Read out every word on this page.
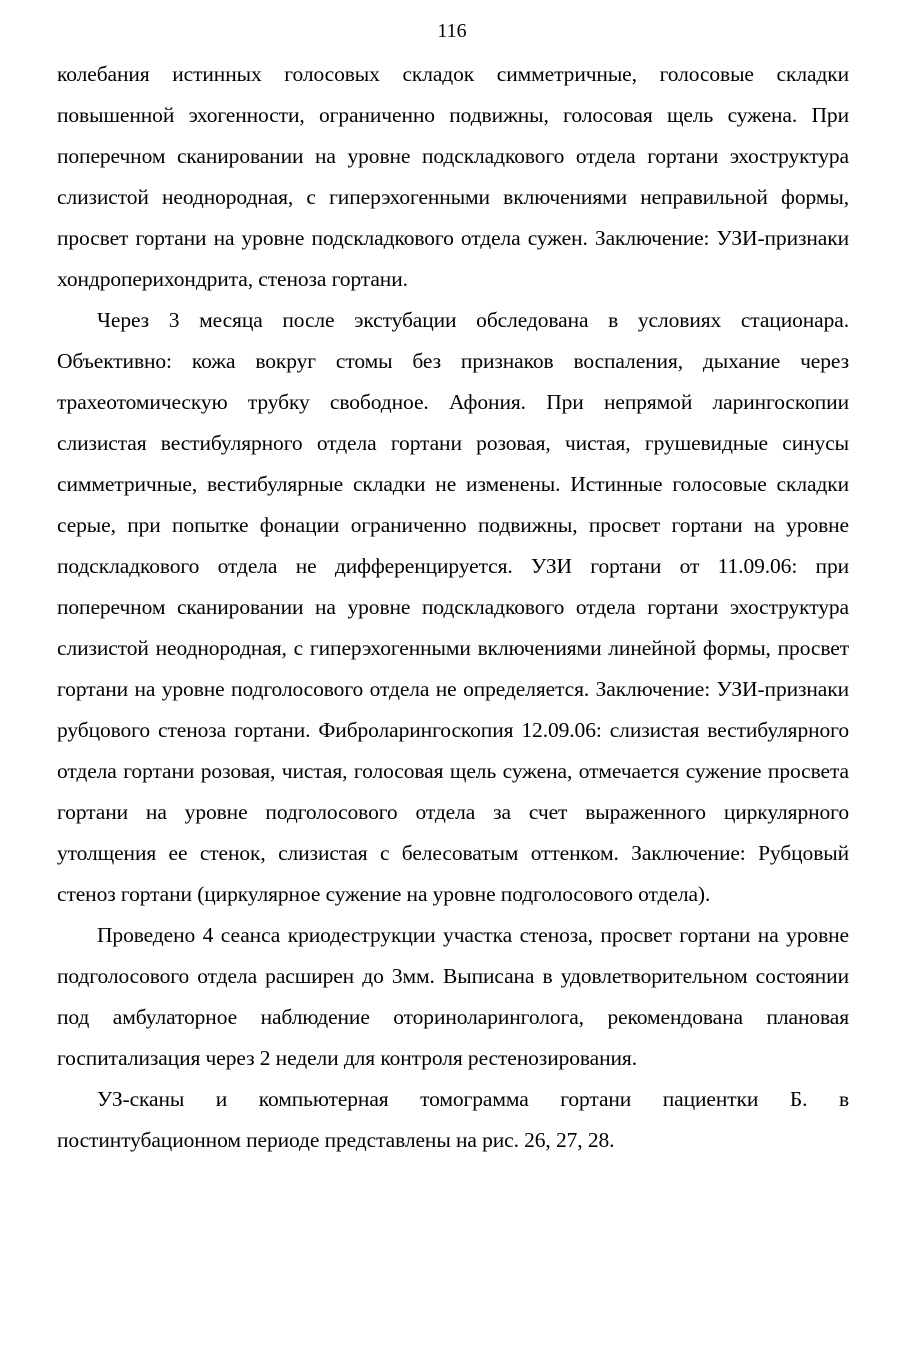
116

колебания истинных голосовых складок симметричные, голосовые складки повышенной эхогенности, ограниченно подвижны, голосовая щель сужена. При поперечном сканировании на уровне подскладкового отдела гортани эхоструктура слизистой неоднородная, с гиперэхогенными включениями неправильной формы, просвет гортани на уровне подскладкового отдела сужен. Заключение: УЗИ-признаки хондроперихондрита, стеноза гортани.

Через 3 месяца после экстубации обследована в условиях стационара. Объективно: кожа вокруг стомы без признаков воспаления, дыхание через трахеотомическую трубку свободное. Афония. При непрямой ларингоскопии слизистая вестибулярного отдела гортани розовая, чистая, грушевидные синусы симметричные, вестибулярные складки не изменены. Истинные голосовые складки серые, при попытке фонации ограниченно подвижны, просвет гортани на уровне подскладкового отдела не дифференцируется. УЗИ гортани от 11.09.06: при поперечном сканировании на уровне подскладкового отдела гортани эхоструктура слизистой неоднородная, с гиперэхогенными включениями линейной формы, просвет гортани на уровне подголосового отдела не определяется. Заключение: УЗИ-признаки рубцового стеноза гортани. Фиброларингоскопия 12.09.06: слизистая вестибулярного отдела гортани розовая, чистая, голосовая щель сужена, отмечается сужение просвета гортани на уровне подголосового отдела за счет выраженного циркулярного утолщения ее стенок, слизистая с белесоватым оттенком. Заключение: Рубцовый стеноз гортани (циркулярное сужение на уровне подголосового отдела).

Проведено 4 сеанса криодеструкции участка стеноза, просвет гортани на уровне подголосового отдела расширен до 3мм. Выписана в удовлетворительном состоянии под амбулаторное наблюдение оториноларинголога, рекомендована плановая госпитализация через 2 недели для контроля рестенозирования.

УЗ-сканы и компьютерная томограмма гортани пациентки Б. в постинтубационном периоде представлены на рис. 26, 27, 28.
